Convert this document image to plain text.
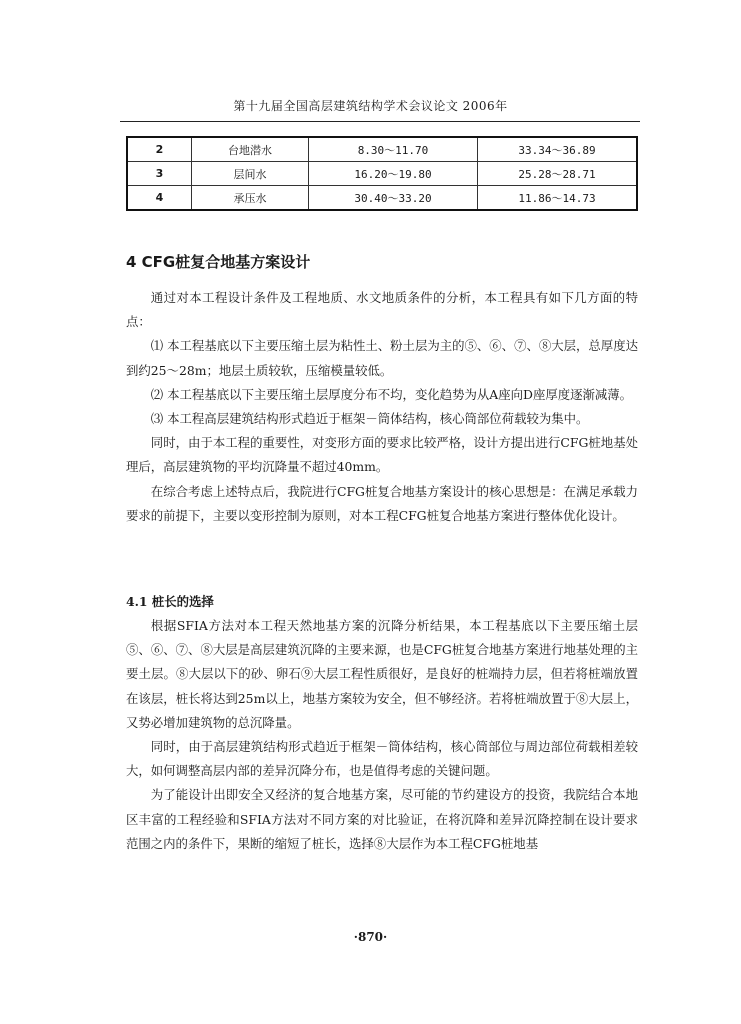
第十九届全国高层建筑结构学术会议论文 2006年
2	台地潜水	8.30～11.70	33.34～36.89
3	层间水	16.20～19.80	25.28～28.71
4	承压水	30.40～33.20	11.86～14.73
4 CFG桩复合地基方案设计

通过对本工程设计条件及工程地质、水文地质条件的分析，本工程具有如下几方面的特点：

⑴ 本工程基底以下主要压缩土层为粘性土、粉土层为主的⑤、⑥、⑦、⑧大层，总厚度达到约25～28m；地层土质较软，压缩模量较低。

⑵ 本工程基底以下主要压缩土层厚度分布不均，变化趋势为从A座向D座厚度逐渐减薄。

⑶ 本工程高层建筑结构形式趋近于框架－筒体结构，核心筒部位荷载较为集中。

同时，由于本工程的重要性，对变形方面的要求比较严格，设计方提出进行CFG桩地基处理后，高层建筑物的平均沉降量不超过40mm。

在综合考虑上述特点后，我院进行CFG桩复合地基方案设计的核心思想是：在满足承载力要求的前提下，主要以变形控制为原则，对本工程CFG桩复合地基方案进行整体优化设计。

4.1 桩长的选择

根据SFIA方法对本工程天然地基方案的沉降分析结果，本工程基底以下主要压缩土层⑤、⑥、⑦、⑧大层是高层建筑沉降的主要来源，也是CFG桩复合地基方案进行地基处理的主要土层。⑧大层以下的砂、卵石⑨大层工程性质很好，是良好的桩端持力层，但若将桩端放置在该层，桩长将达到25m以上，地基方案较为安全，但不够经济。若将桩端放置于⑧大层上，又势必增加建筑物的总沉降量。

同时，由于高层建筑结构形式趋近于框架－筒体结构，核心筒部位与周边部位荷载相差较大，如何调整高层内部的差异沉降分布，也是值得考虑的关键问题。

为了能设计出即安全又经济的复合地基方案，尽可能的节约建设方的投资，我院结合本地区丰富的工程经验和SFIA方法对不同方案的对比验证，在将沉降和差异沉降控制在设计要求范围之内的条件下，果断的缩短了桩长，选择⑧大层作为本工程CFG桩地基

·870·
